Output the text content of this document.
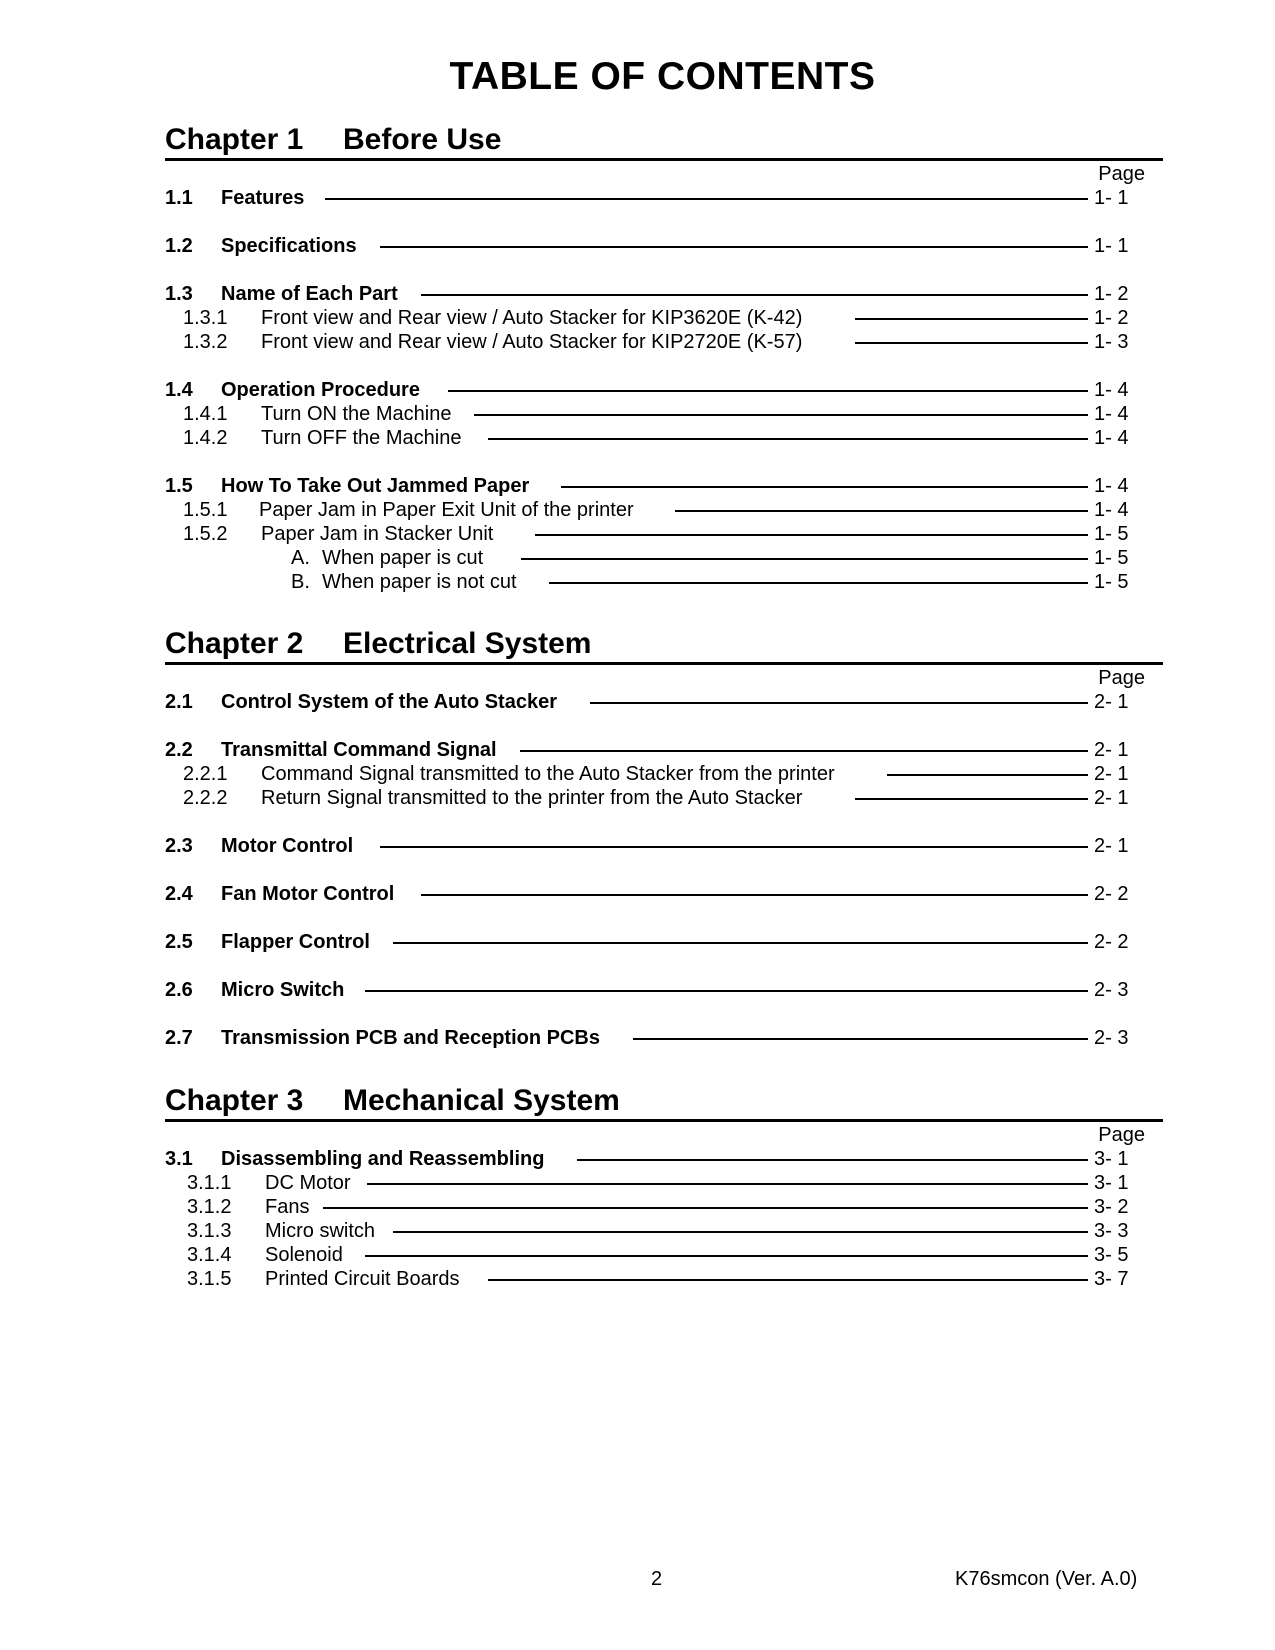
TABLE OF CONTENTS
Chapter 1	Before Use
Page
1.1 Features	1- 1
1.2 Specifications	1- 1
1.3 Name of Each Part	1- 2
1.3.1 Front view and Rear view / Auto Stacker for KIP3620E (K-42)	1- 2
1.3.2 Front view and Rear view / Auto Stacker for KIP2720E (K-57)	1- 3
1.4 Operation Procedure	1- 4
1.4.1 Turn ON the Machine	1- 4
1.4.2 Turn OFF the Machine	1- 4
1.5 How To Take Out Jammed Paper	1- 4
1.5.1 Paper Jam in Paper Exit Unit of the printer	1- 4
1.5.2 Paper Jam in Stacker Unit	1- 5
A. When paper is cut	1- 5
B. When paper is not cut	1- 5
Chapter 2	Electrical System
Page
2.1 Control System of the Auto Stacker	2- 1
2.2 Transmittal Command Signal	2- 1
2.2.1 Command Signal transmitted to the Auto Stacker from the printer	2- 1
2.2.2 Return Signal transmitted to the printer from the Auto Stacker	2- 1
2.3 Motor Control	2- 1
2.4 Fan Motor Control	2- 2
2.5 Flapper Control	2- 2
2.6 Micro Switch	2- 3
2.7 Transmission PCB and Reception PCBs	2- 3
Chapter 3	Mechanical System
Page
3.1 Disassembling and Reassembling	3- 1
3.1.1 DC Motor	3- 1
3.1.2 Fans	3- 2
3.1.3 Micro switch	3- 3
3.1.4 Solenoid	3- 5
3.1.5 Printed Circuit Boards	3- 7
2	K76smcon (Ver. A.0)
